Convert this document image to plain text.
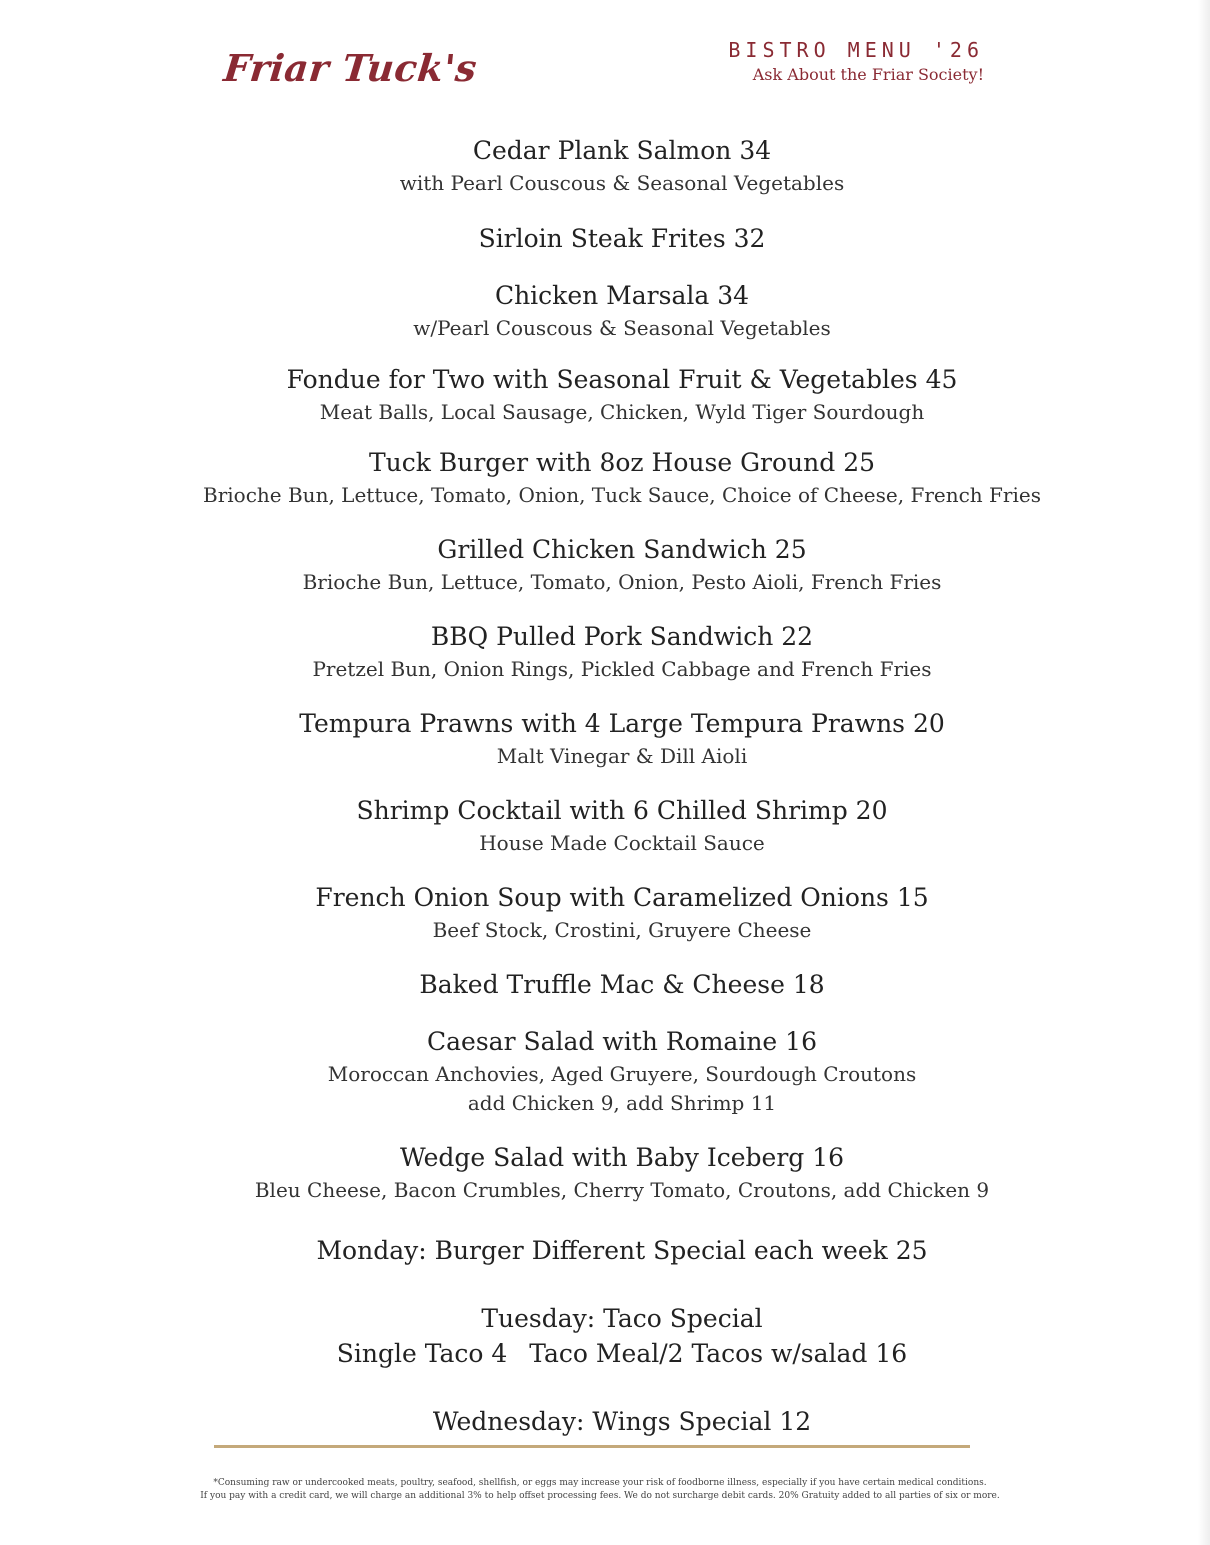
Friar Tuck's	BISTRO MENU '26
Ask About the Friar Society!
Cedar Plank Salmon 34
with Pearl Couscous & Seasonal Vegetables
Sirloin Steak Frites 32
Chicken Marsala 34
w/Pearl Couscous & Seasonal Vegetables
Fondue for Two with Seasonal Fruit & Vegetables 45
Meat Balls, Local Sausage, Chicken, Wyld Tiger Sourdough
Tuck Burger with 8oz House Ground 25
Brioche Bun, Lettuce, Tomato, Onion, Tuck Sauce, Choice of Cheese, French Fries
Grilled Chicken Sandwich 25
Brioche Bun, Lettuce, Tomato, Onion, Pesto Aioli, French Fries
BBQ Pulled Pork Sandwich 22
Pretzel Bun, Onion Rings, Pickled Cabbage and French Fries
Tempura Prawns with 4 Large Tempura Prawns 20
Malt Vinegar & Dill Aioli
Shrimp Cocktail with 6 Chilled Shrimp 20
House Made Cocktail Sauce
French Onion Soup with Caramelized Onions 15
Beef Stock, Crostini, Gruyere Cheese
Baked Truffle Mac & Cheese 18
Caesar Salad with Romaine 16
Moroccan Anchovies, Aged Gruyere, Sourdough Croutons
add Chicken 9, add Shrimp 11
Wedge Salad with Baby Iceberg 16
Bleu Cheese, Bacon Crumbles, Cherry Tomato, Croutons, add Chicken 9
Monday: Burger Different Special each week 25
Tuesday: Taco Special
Single Taco 4 Taco Meal/2 Tacos w/salad 16
Wednesday: Wings Special 12
*Consuming raw or undercooked meats, poultry, seafood, shellfish, or eggs may increase your risk of foodborne illness, especially if you have certain medical conditions.
If you pay with a credit card, we will charge an additional 3% to help offset processing fees. We do not surcharge debit cards. 20% Gratuity added to all parties of six or more.
